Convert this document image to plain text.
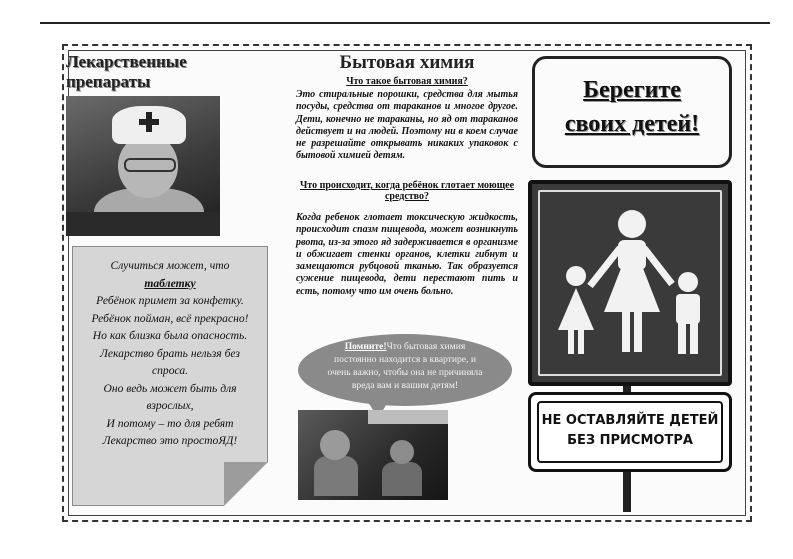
Лекарственные препараты
Случиться может, что
таблетку
Ребёнок примет за конфетку.
Ребёнок пойман, всё прекрасно!
Но как близка была опасность.
Лекарство брать нельзя без спроса.
Оно ведь может быть для взрослых,
И потому – то для ребят Лекарство это простоЯД!
Бытовая химия
Что такое бытовая химия?
Это стиральные порошки, средства для мытья посуды, средства от тараканов и многое другое. Дети, конечно не тараканы, но яд от тараканов действует и на людей. Поэтому ни в коем случае не разрешайте открывать никаких упаковок с бытовой химией детям.
Что происходит, когда ребёнок глотает моющее средство?
Когда ребенок глотает токсическую жидкость, происходит спазм пищевода, может возникнуть рвота, из-за этого яд задерживается в организме и обжигает стенки органов, клетки гибнут и замещаются рубцовой тканью. Так образуется сужение пищевода, дети перестают пить и есть, потому что им очень больно.
Помните!Что бытовая химия постоянно находится в квартире, и очень важно, чтобы она не причиняла вреда вам и вашим детям!
Берегите
своих детей!
НЕ ОСТАВЛЯЙТЕ ДЕТЕЙ
БЕЗ ПРИСМОТРА
